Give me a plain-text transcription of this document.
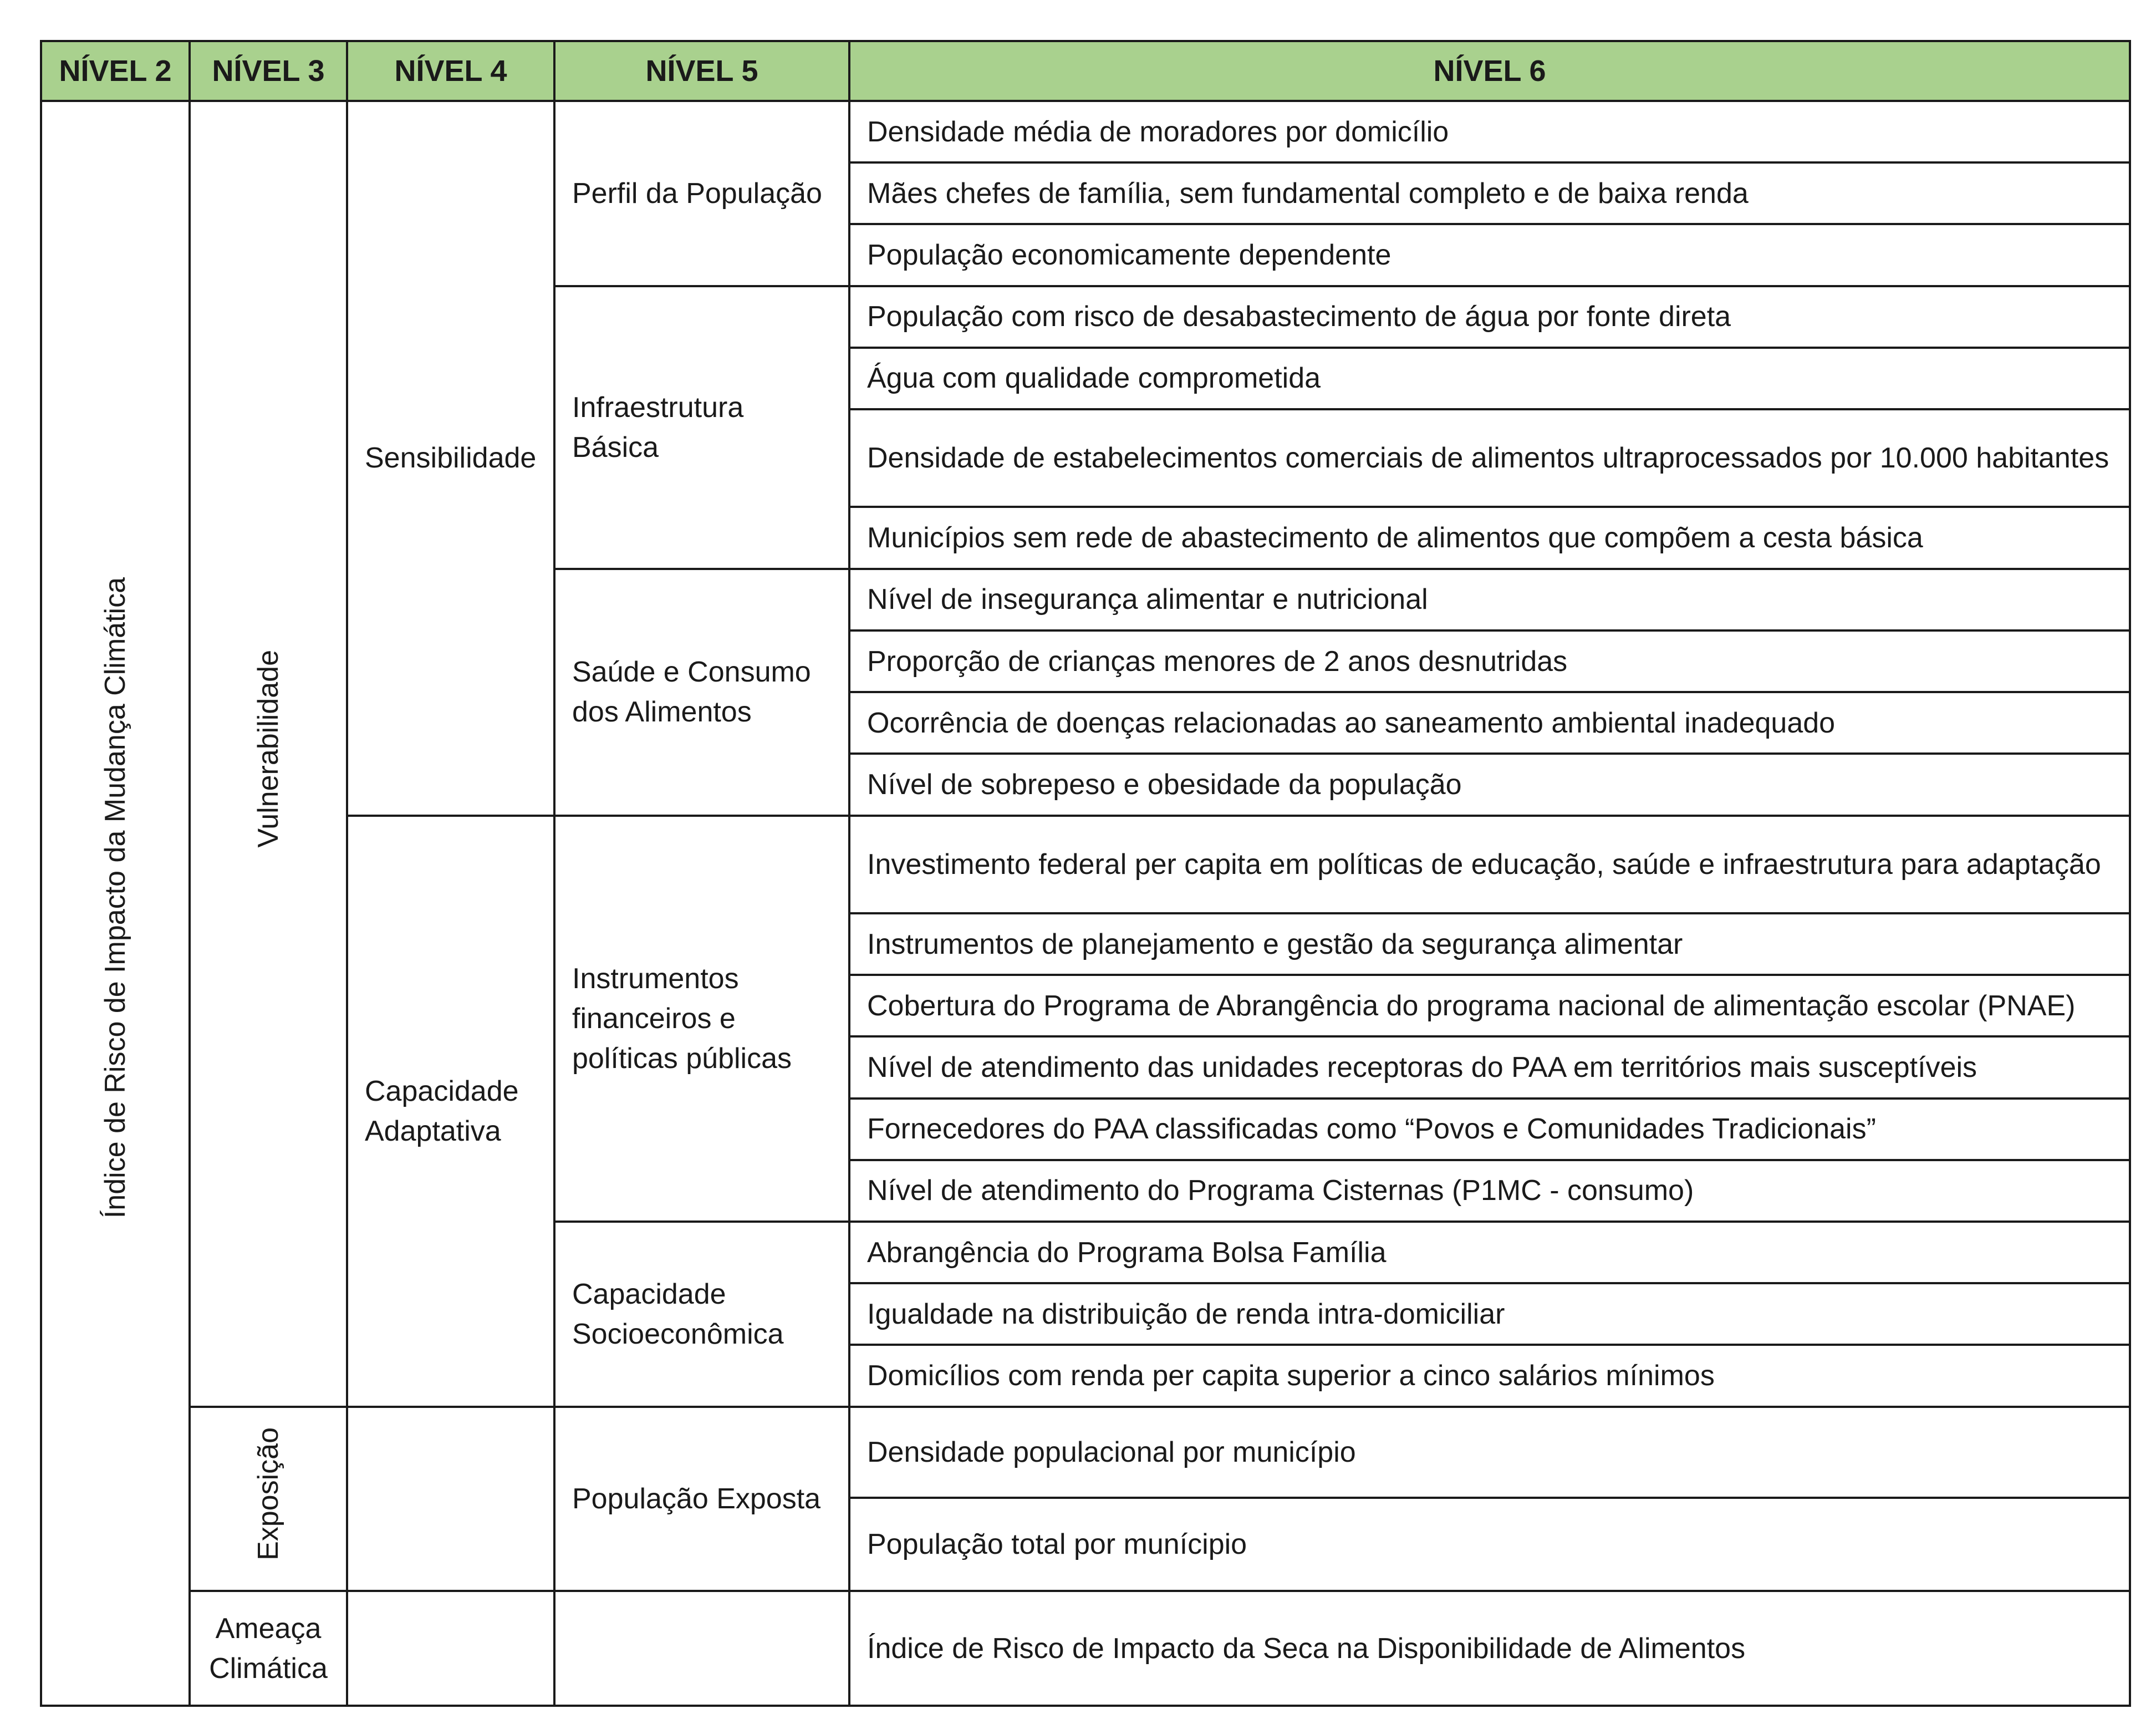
NÍVEL 2	NÍVEL 3	NÍVEL 4	NÍVEL 5	NÍVEL 6
Índice de Risco de Impacto da Mudança Climática	Vulnerabilidade	Sensibilidade	Perfil da População	Densidade média de moradores por domicílio
				Mães chefes de família, sem fundamental completo e de baixa renda
				População economicamente dependente
			Infraestrutura Básica	População com risco de desabastecimento de água por fonte direta
				Água com qualidade comprometida
				Densidade de estabelecimentos comerciais de alimentos ultraprocessados por 10.000 habitantes
				Municípios sem rede de abastecimento de alimentos que compõem a cesta básica
			Saúde e Consumo dos Alimentos	Nível de insegurança alimentar e nutricional
				Proporção de crianças menores de 2 anos desnutridas
				Ocorrência de doenças relacionadas ao saneamento ambiental inadequado
				Nível de sobrepeso e obesidade da população
		Capacidade Adaptativa	Instrumentos financeiros e políticas públicas	Investimento federal per capita em políticas de educação, saúde e infraestrutura para adaptação
				Instrumentos de planejamento e gestão da segurança alimentar
				Cobertura do Programa de Abrangência do programa nacional de alimentação escolar (PNAE)
				Nível de atendimento das unidades receptoras do PAA em territórios mais susceptíveis
				Fornecedores do PAA classificadas como “Povos e Comunidades Tradicionais”
				Nível de atendimento do Programa Cisternas (P1MC - consumo)
			Capacidade Socioeconômica	Abrangência do Programa Bolsa Família
				Igualdade na distribuição de renda intra-domiciliar
				Domicílios com renda per capita superior a cinco salários mínimos
	Exposição		População Exposta	Densidade populacional por município
				População total por munícipio
	Ameaça Climática			Índice de Risco de Impacto da Seca na Disponibilidade de Alimentos
